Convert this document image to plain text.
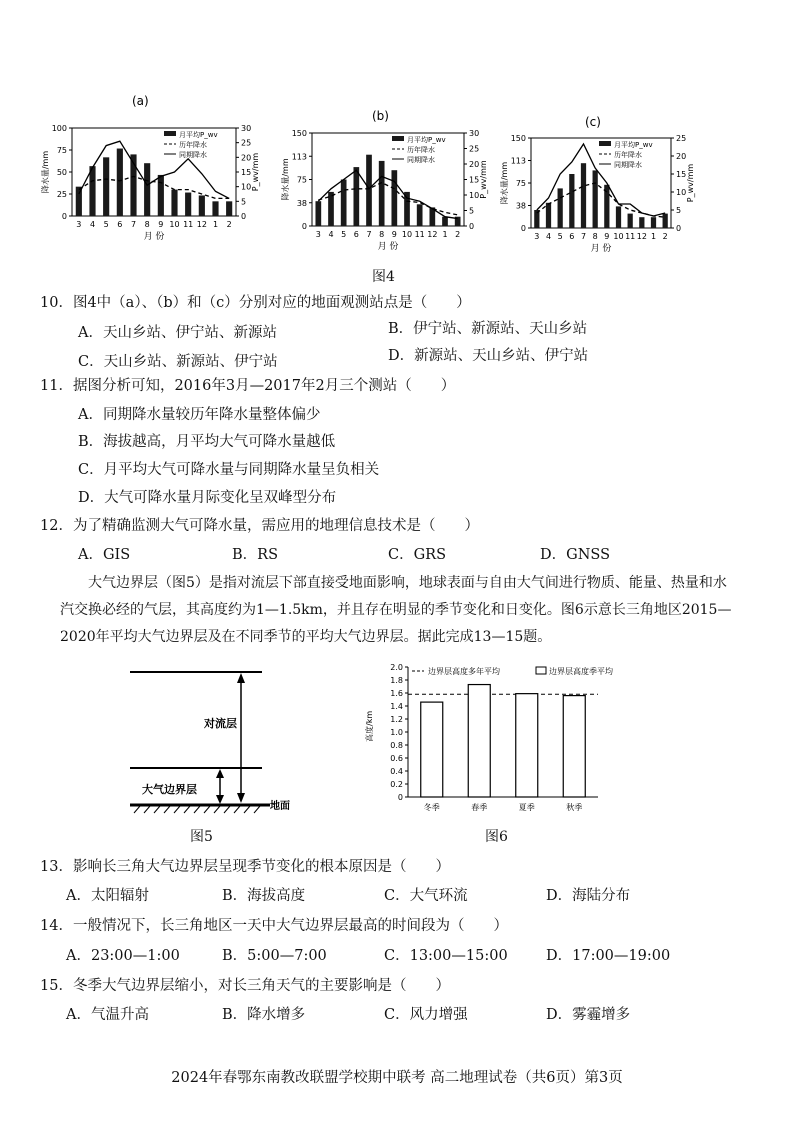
(a)
0
25
50
75
100
0
5
10
15
20
25
30
3 4 5 6 7 8 9 10 11 12 1 2
月 份
降水量/mm	P_wv/mm
月平均P_wv
历年降水
同期降水
(b)
0
38
75
113
150
0
5
10
15
20
25
30
3 4 5 6 7 8 9 10 11 12 1 2
月 份
降水量/mm	P_wv/mm
月平均P_wv
历年降水
同期降水
(c)
0
38
75
113
150
0
5
10
15
20
25
3 4 5 6 7 8 9 10 11 12 1 2
月 份
降水量/mm	P_wv/mm
月平均P_wv
历年降水
同期降水
图4
10．图4中（a）、（b）和（c）分别对应的地面观测站点是（　　）
A．天山乡站、伊宁站、新源站	B．伊宁站、新源站、天山乡站
C．天山乡站、新源站、伊宁站	D．新源站、天山乡站、伊宁站
11．据图分析可知，2016年3月—2017年2月三个测站（　　）
A．同期降水量较历年降水量整体偏少
B．海拔越高，月平均大气可降水量越低
C．月平均大气可降水量与同期降水量呈负相关
D．大气可降水量月际变化呈双峰型分布
12．为了精确监测大气可降水量，需应用的地理信息技术是（　　）
A．GIS	B．RS	C．GRS	D．GNSS
大气边界层（图5）是指对流层下部直接受地面影响，地球表面与自由大气间进行物质、能量、热量和水汽交换必经的气层，其高度约为1—1.5km，并且存在明显的季节变化和日变化。图6示意长三角地区2015—2020年平均大气边界层及在不同季节的平均大气边界层。据此完成13—15题。
对流层
大气边界层
地面
图5
0
0.2
0.4
0.6
0.8
1.0
1.2
1.4
1.6
1.8
2.0
高度/km
冬季	春季	夏季	秋季
边界层高度多年平均	边界层高度季平均
图6
13．影响长三角大气边界层呈现季节变化的根本原因是（　　）
A．太阳辐射	B．海拔高度	C．大气环流	D．海陆分布
14．一般情况下，长三角地区一天中大气边界层最高的时间段为（　　）
A．23:00—1:00	B．5:00—7:00	C．13:00—15:00	D．17:00—19:00
15．冬季大气边界层缩小，对长三角天气的主要影响是（　　）
A．气温升高	B．降水增多	C．风力增强	D．雾霾增多
2024年春鄂东南教改联盟学校期中联考 高二地理试卷（共6页）第3页
